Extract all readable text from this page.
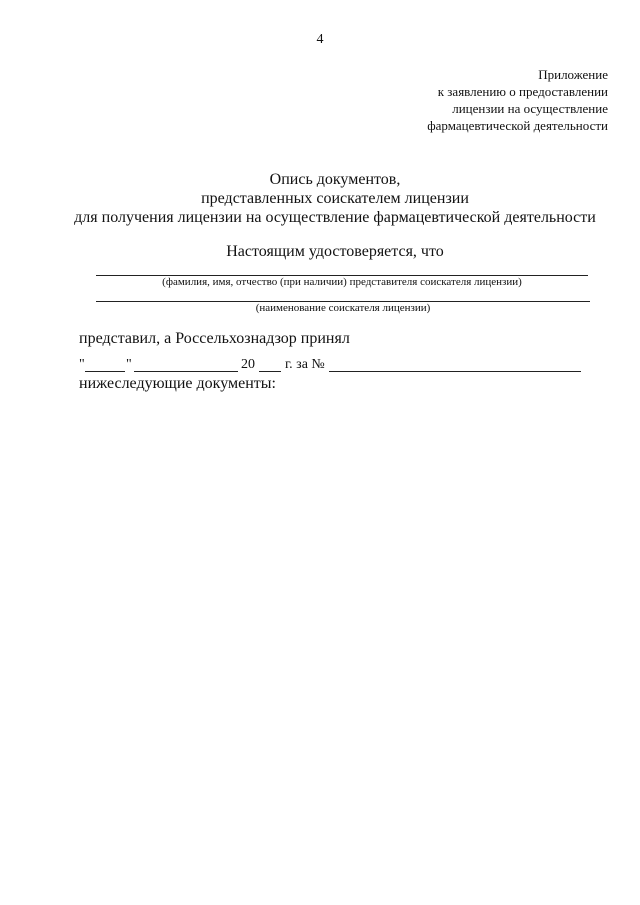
4
Приложение
к заявлению о предоставлении
лицензии на осуществление
фармацевтической деятельности
Опись документов,
представленных соискателем лицензии
для получения лицензии на осуществление фармацевтической деятельности
Настоящим удостоверяется, что
(фамилия, имя, отчество (при наличии) представителя соискателя лицензии)
(наименование соискателя лицензии)
представил, а Россельхознадзор принял
"	"	20 г. за №
нижеследующие документы:
